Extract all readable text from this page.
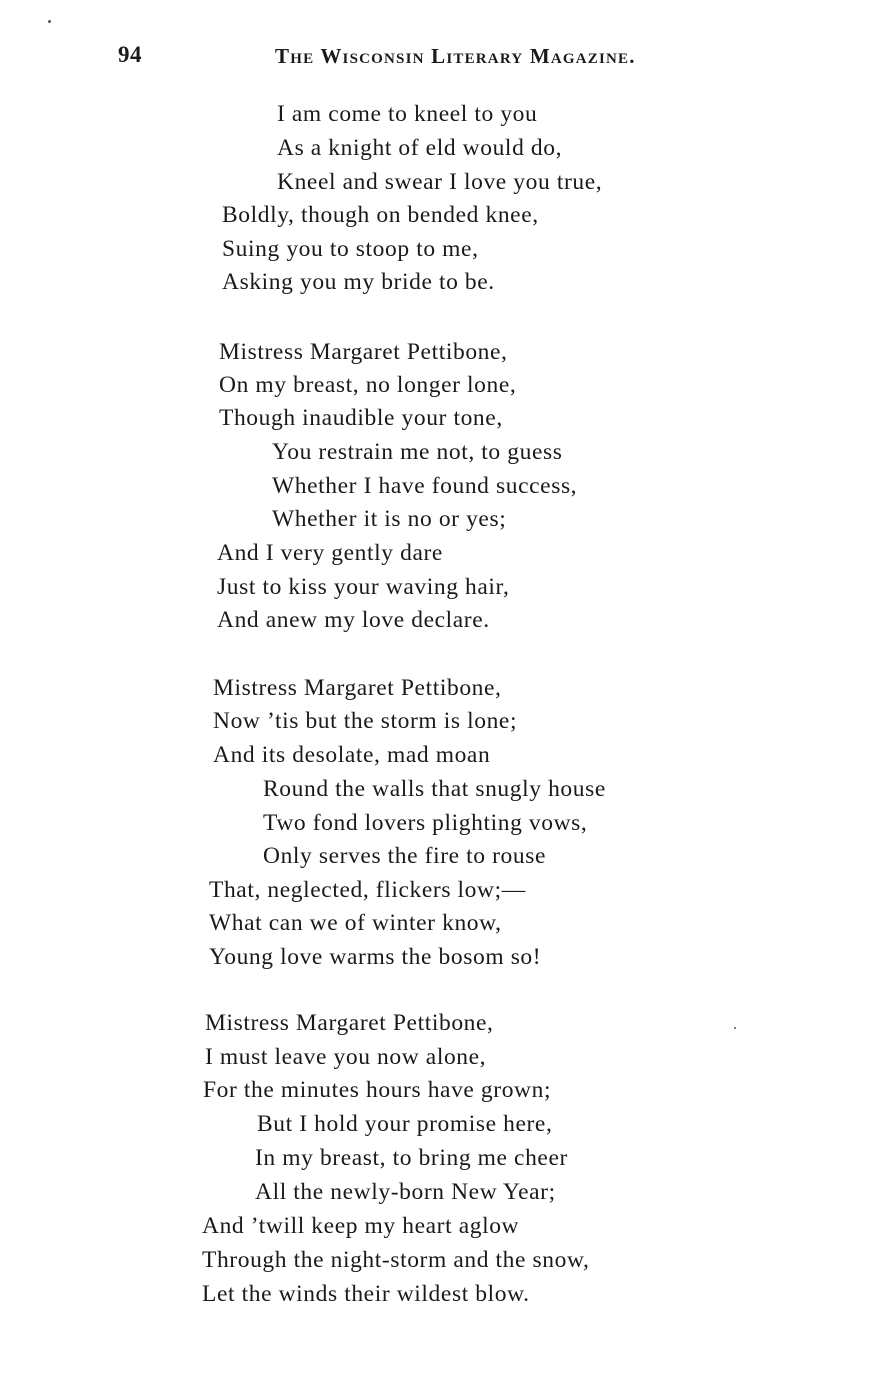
94	The Wisconsin Literary Magazine.
I am come to kneel to you
As a knight of eld would do,
Kneel and swear I love you true,
Boldly, though on bended knee,
Suing you to stoop to me,
Asking you my bride to be.
Mistress Margaret Pettibone,
On my breast, no longer lone,
Though inaudible your tone,
You restrain me not, to guess
Whether I have found success,
Whether it is no or yes;
And I very gently dare
Just to kiss your waving hair,
And anew my love declare.
Mistress Margaret Pettibone,
Now ’tis but the storm is lone;
And its desolate, mad moan
Round the walls that snugly house
Two fond lovers plighting vows,
Only serves the fire to rouse
That, neglected, flickers low;—
What can we of winter know,
Young love warms the bosom so!
Mistress Margaret Pettibone,
I must leave you now alone,
For the minutes hours have grown;
But I hold your promise here,
In my breast, to bring me cheer
All the newly-born New Year;
And ’twill keep my heart aglow
Through the night-storm and the snow,
Let the winds their wildest blow.
